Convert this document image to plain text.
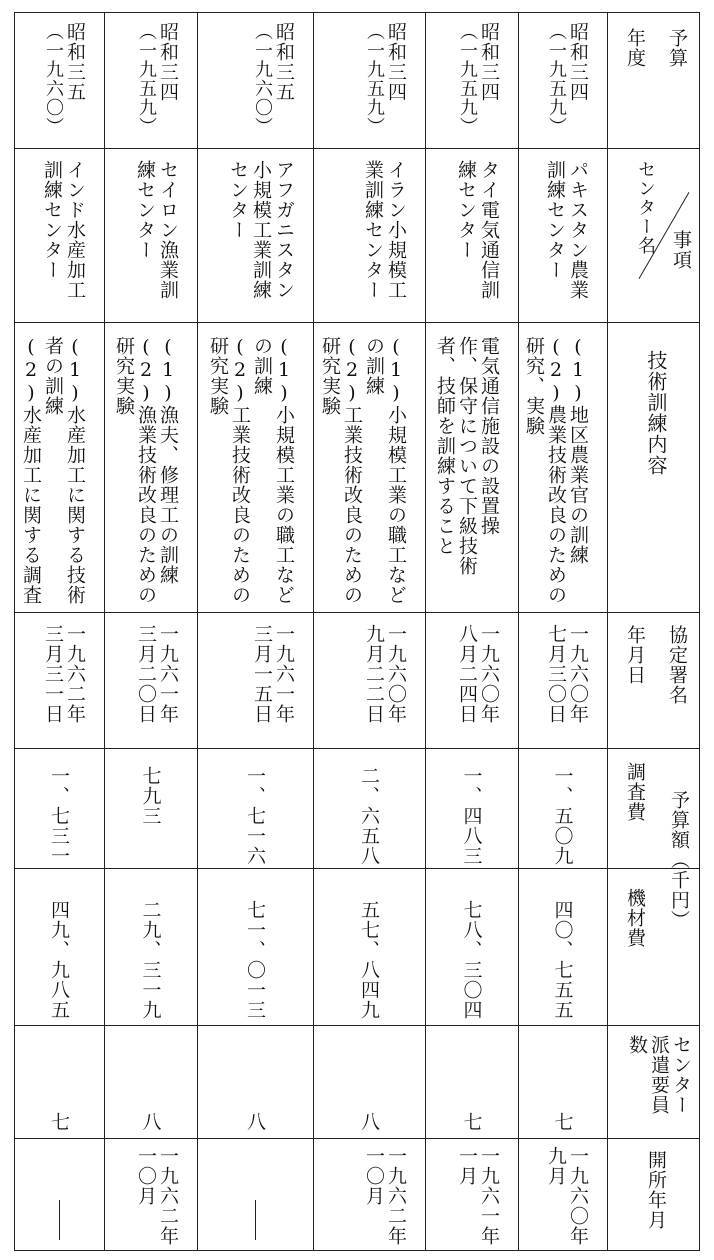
予算
年度
センター名 事項
技術訓練内容
協定署名
年月日
予算額（千円）
調査費
機材費
センター
派遣要員
数
開所年月
昭和三四
（一九五九）
パキスタン農業
訓練センター
(1)地区農業官の訓練
(2)農業技術改良のための
研究、実験
一九六〇年
七月三〇日
一、五〇九
四〇、七五五
七
一九六〇年
九月
昭和三四
（一九五九）
タイ電気通信訓
練センター
電気通信施設の設置操
作、保守について下級技術
者、技師を訓練すること
一九六〇年
八月二四日
一、四八三
七八、三〇四
七
一九六一年
一月
昭和三四
（一九五九）
イラン小規模工
業訓練センター
(1)小規模工業の職工など
の訓練
(2)工業技術改良のための
研究実験
一九六〇年
九月二二日
二、六五八
五七、八四九
八
一九六二年
一〇月
昭和三五
（一九六〇）
アフガニスタン
小規模工業訓練
センター
(1)小規模工業の職工など
の訓練
(2)工業技術改良のための
研究実験
一九六一年
三月一五日
一、七一六
七一、〇一三
八
昭和三四
（一九五九）
セイロン漁業訓
練センター
(1)漁夫、修理工の訓練
(2)漁業技術改良のための
研究実験
一九六一年
三月二〇日
七九三
二九、三一九
八
一九六二年
一〇月
昭和三五
（一九六〇）
インド水産加工
訓練センター
(1)水産加工に関する技術
者の訓練
(2)水産加工に関する調査
一九六二年
三月三一日
一、七三一
四九、九八五
七
